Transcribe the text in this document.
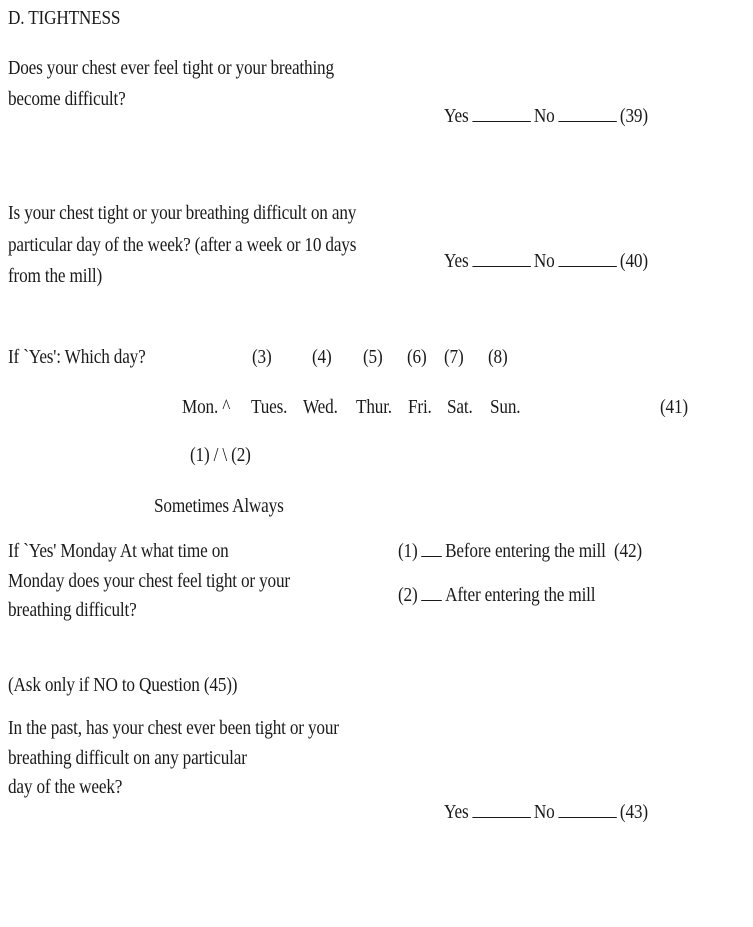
D. TIGHTNESS
Does your chest ever feel tight or your breathing
become difficult?
Yes	No	(39)
Is your chest tight or your breathing difficult on any
particular day of the week? (after a week or 10 days
from the mill)
Yes	No	(40)
If `Yes': Which day?	(3) (4) (5) (6) (7) (8)
Mon. ^ Tues. Wed. Thur. Fri. Sat. Sun.	(41)
(1) / \ (2)
Sometimes Always
If `Yes' Monday At what time on
Monday does your chest feel tight or your
breathing difficult?
(1) Before entering the mill (42)
(2) After entering the mill
(Ask only if NO to Question (45))
In the past, has your chest ever been tight or your
breathing difficult on any particular
day of the week?
Yes	No	(43)
